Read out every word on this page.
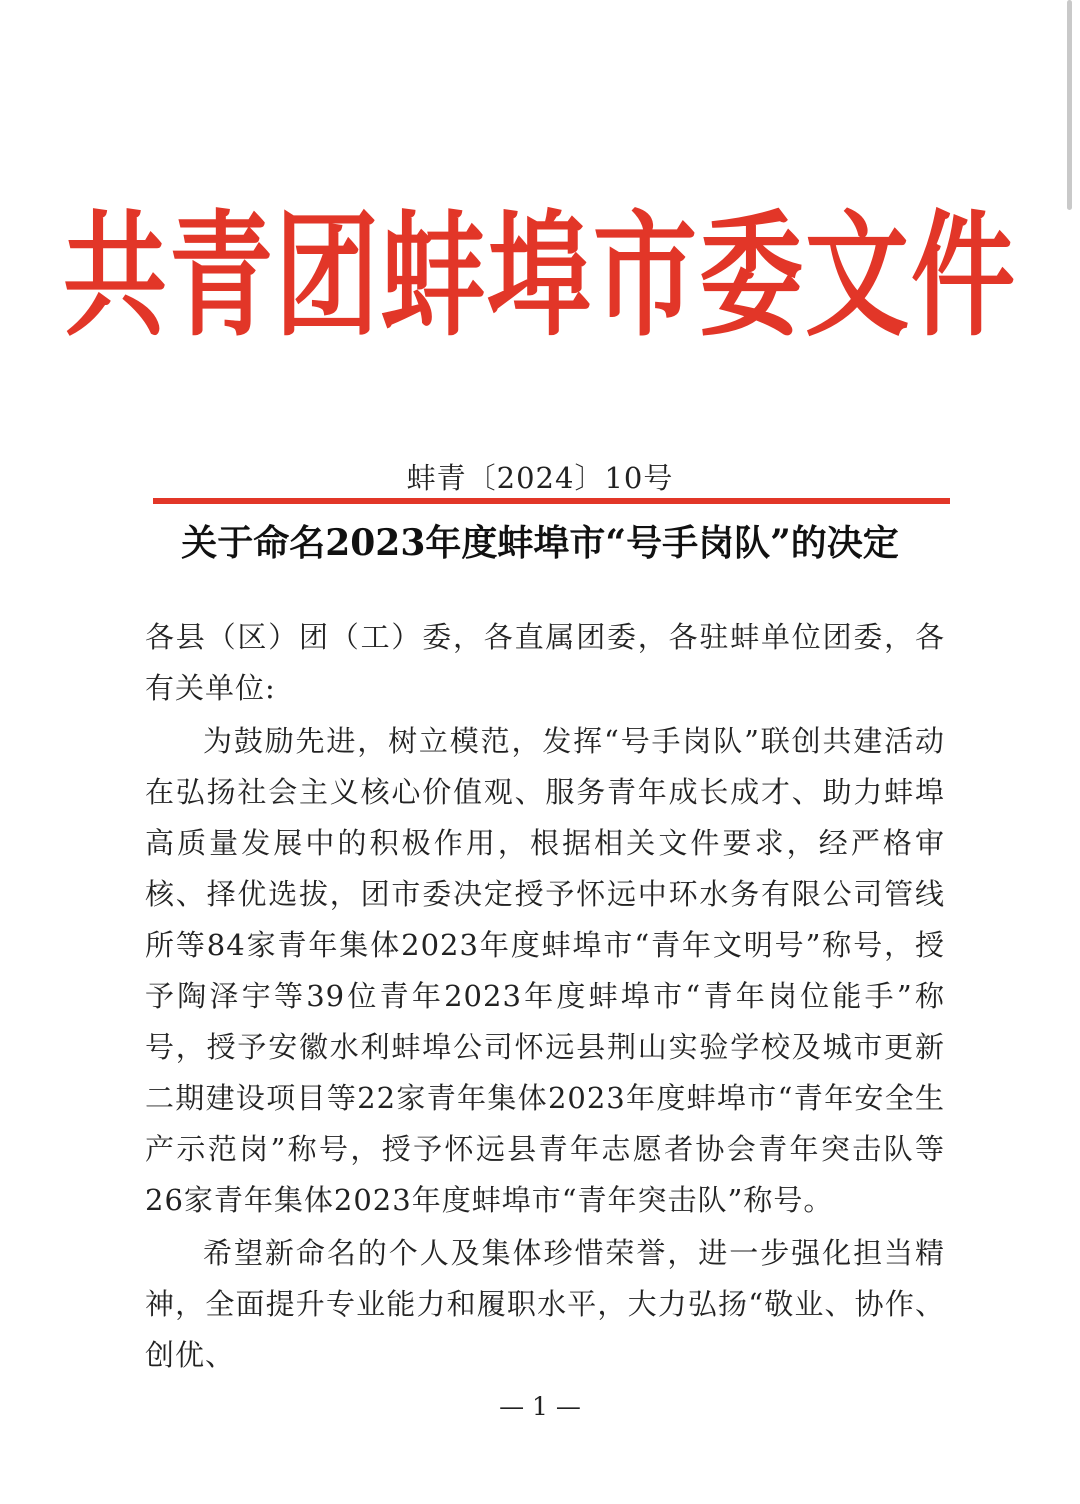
共青团蚌埠市委文件
蚌青〔2024〕10号
关于命名2023年度蚌埠市“号手岗队”的决定

各县（区）团（工）委，各直属团委，各驻蚌单位团委，各有关单位:

为鼓励先进，树立模范，发挥“号手岗队”联创共建活动在弘扬社会主义核心价值观、服务青年成长成才、助力蚌埠高质量发展中的积极作用，根据相关文件要求，经严格审核、择优选拔，团市委决定授予怀远中环水务有限公司管线所等84家青年集体2023年度蚌埠市“青年文明号”称号，授予陶泽宇等39位青年2023年度蚌埠市“青年岗位能手”称号，授予安徽水利蚌埠公司怀远县荆山实验学校及城市更新二期建设项目等22家青年集体2023年度蚌埠市“青年安全生产示范岗”称号，授予怀远县青年志愿者协会青年突击队等26家青年集体2023年度蚌埠市“青年突击队”称号。

希望新命名的个人及集体珍惜荣誉，进一步强化担当精神，全面提升专业能力和履职水平，大力弘扬“敬业、协作、创优、

— 1 —
